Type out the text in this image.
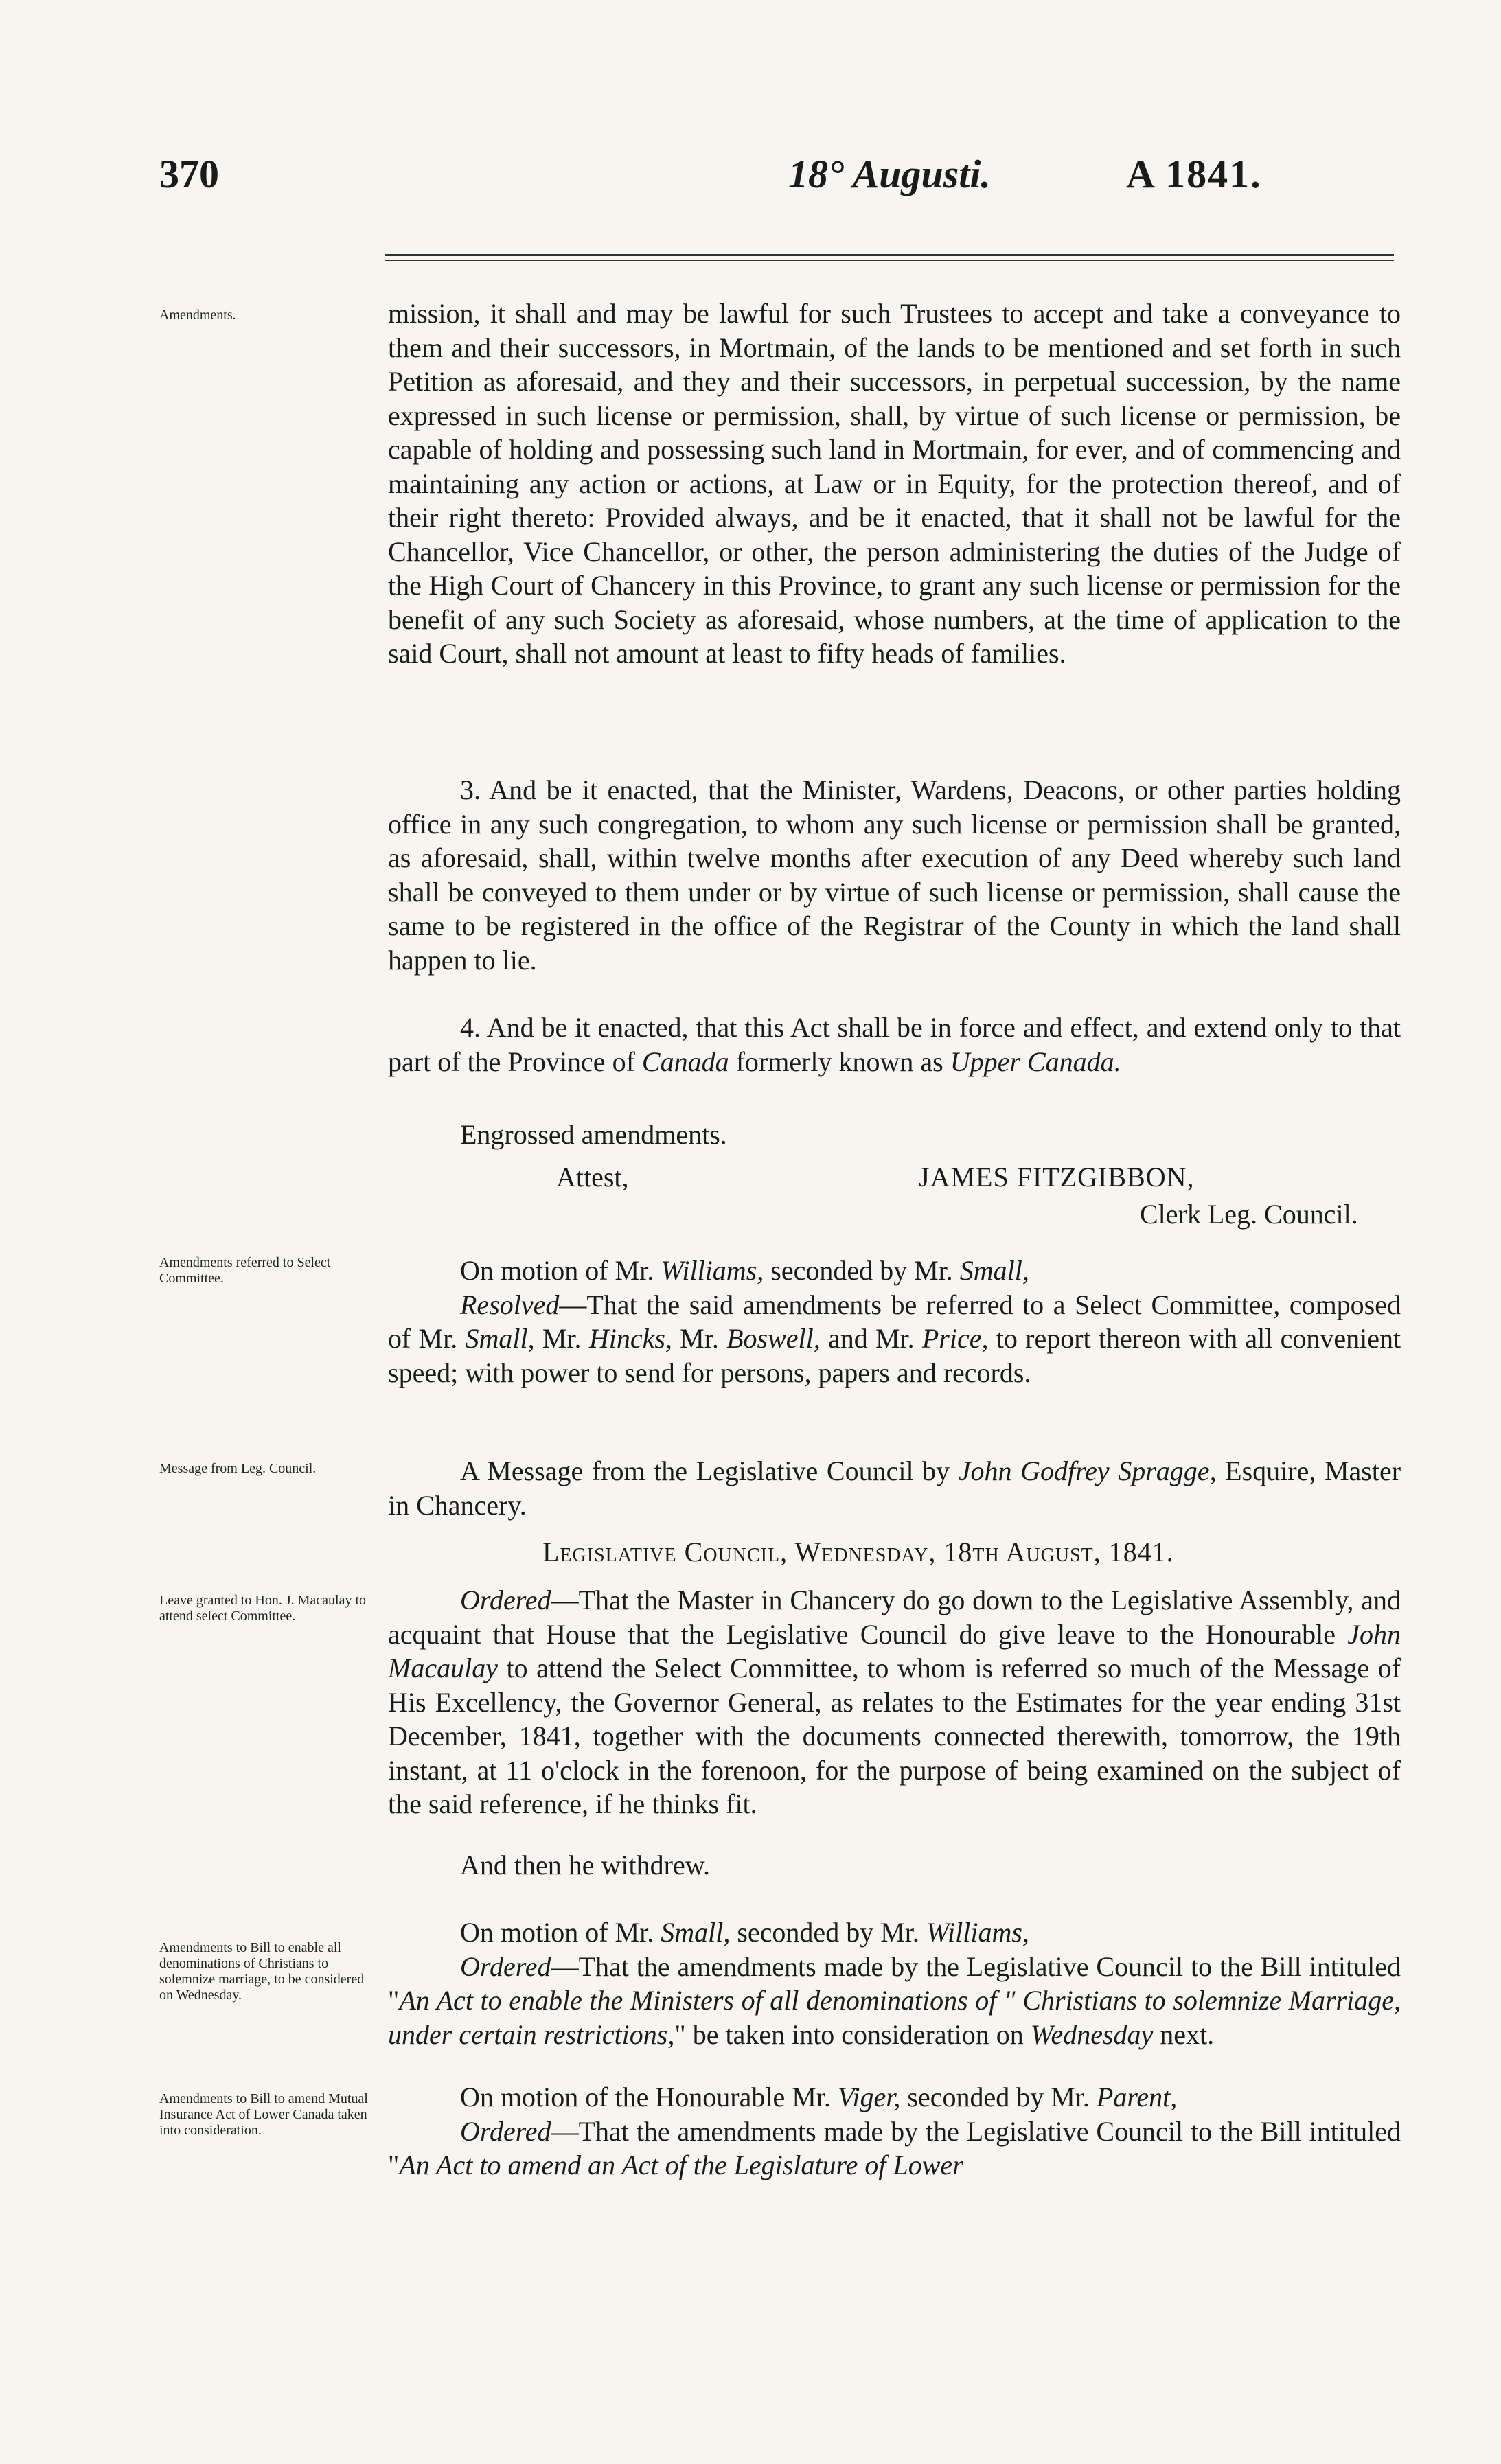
370	18° Augusti.	A 1841.
Amendments.
Amendments referred to Select Committee.
Message from Leg. Council.
Leave granted to Hon. J. Macaulay to attend select Committee.
Amendments to Bill to enable all denominations of Christians to solemnize marriage, to be considered on Wednesday.
Amendments to Bill to amend Mutual Insurance Act of Lower Canada taken into consideration.

mission, it shall and may be lawful for such Trustees to accept and take a conveyance to them and their successors, in Mortmain, of the lands to be mentioned and set forth in such Petition as aforesaid, and they and their successors, in perpetual succession, by the name expressed in such license or permission, shall, by virtue of such license or permission, be capable of holding and possessing such land in Mortmain, for ever, and of commencing and maintaining any action or actions, at Law or in Equity, for the protection thereof, and of their right thereto: Provided always, and be it enacted, that it shall not be lawful for the Chancellor, Vice Chancellor, or other, the person administering the duties of the Judge of the High Court of Chancery in this Province, to grant any such license or permission for the benefit of any such Society as aforesaid, whose numbers, at the time of application to the said Court, shall not amount at least to fifty heads of families.

3. And be it enacted, that the Minister, Wardens, Deacons, or other parties holding office in any such congregation, to whom any such license or permission shall be granted, as aforesaid, shall, within twelve months after execution of any Deed whereby such land shall be conveyed to them under or by virtue of such license or permission, shall cause the same to be registered in the office of the Registrar of the County in which the land shall happen to lie.

4. And be it enacted, that this Act shall be in force and effect, and extend only to that part of the Province of Canada formerly known as Upper Canada.

Engrossed amendments.

Attest,	JAMES FITZGIBBON,
Clerk Leg. Council.

On motion of Mr. Williams, seconded by Mr. Small,

Resolved—That the said amendments be referred to a Select Committee, composed of Mr. Small, Mr. Hincks, Mr. Boswell, and Mr. Price, to report thereon with all convenient speed; with power to send for persons, papers and records.

A Message from the Legislative Council by John Godfrey Spragge, Esquire, Master in Chancery.

Legislative Council, Wednesday, 18th August, 1841.

Ordered—That the Master in Chancery do go down to the Legislative Assembly, and acquaint that House that the Legislative Council do give leave to the Honourable John Macaulay to attend the Select Committee, to whom is referred so much of the Message of His Excellency, the Governor General, as relates to the Estimates for the year ending 31st December, 1841, together with the documents connected therewith, tomorrow, the 19th instant, at 11 o'clock in the forenoon, for the purpose of being examined on the subject of the said reference, if he thinks fit.

And then he withdrew.

On motion of Mr. Small, seconded by Mr. Williams,

Ordered—That the amendments made by the Legislative Council to the Bill intituled "An Act to enable the Ministers of all denominations of " Christians to solemnize Marriage, under certain restrictions," be taken into consideration on Wednesday next.

On motion of the Honourable Mr. Viger, seconded by Mr. Parent,

Ordered—That the amendments made by the Legislative Council to the Bill intituled "An Act to amend an Act of the Legislature of Lower
